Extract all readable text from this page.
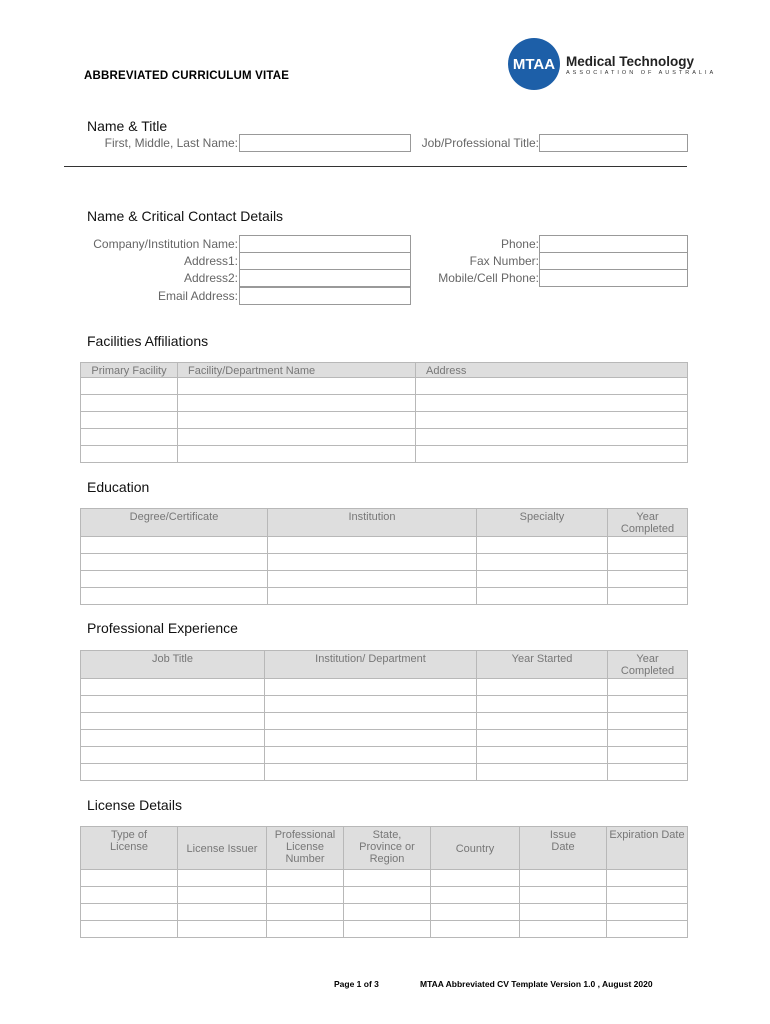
ABBREVIATED CURRICULUM VITAE
MTAA Medical Technology
ASSOCIATION OF AUSTRALIA
Name & Title
First, Middle, Last Name:	Job/Professional Title:
Name & Critical Contact Details
Company/Institution Name:
Address1:
Address2:
Email Address:
Phone:
Fax Number:
Mobile/Cell Phone:
Facilities Affiliations
Primary Facility	Facility/Department Name	Address

Education
Degree/Certificate	Institution	Specialty	Year Completed

Professional Experience
Job Title	Institution/ Department	Year Started	Year Completed

License Details
Type of License	License Issuer	Professional License Number	State, Province or Region	Country	Issue Date	Expiration Date

Page 1 of 3	MTAA Abbreviated CV Template Version 1.0 , August 2020
